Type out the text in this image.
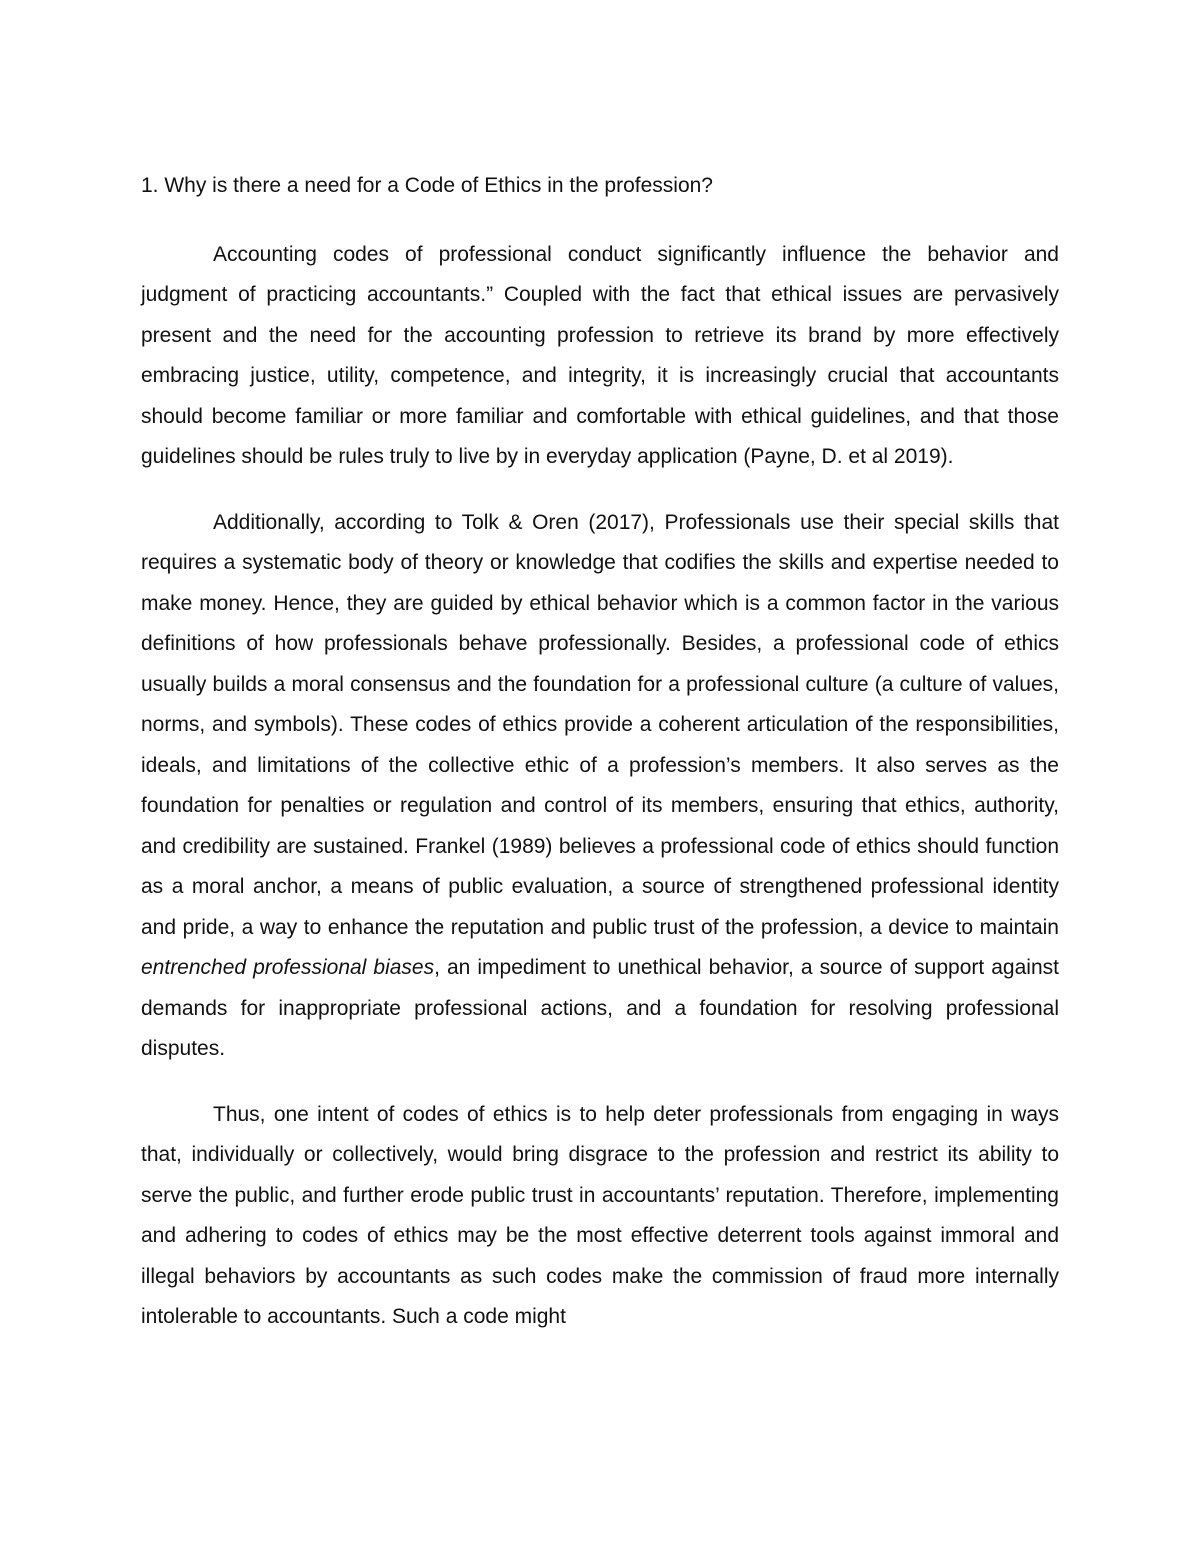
1. Why is there a need for a Code of Ethics in the profession?

Accounting codes of professional conduct significantly influence the behavior and judgment of practicing accountants.” Coupled with the fact that ethical issues are pervasively present and the need for the accounting profession to retrieve its brand by more effectively embracing justice, utility, competence, and integrity, it is increasingly crucial that accountants should become familiar or more familiar and comfortable with ethical guidelines, and that those guidelines should be rules truly to live by in everyday application (Payne, D. et al 2019).

Additionally, according to Tolk & Oren (2017), Professionals use their special skills that requires a systematic body of theory or knowledge that codifies the skills and expertise needed to make money. Hence, they are guided by ethical behavior which is a common factor in the various definitions of how professionals behave professionally. Besides, a professional code of ethics usually builds a moral consensus and the foundation for a professional culture (a culture of values, norms, and symbols). These codes of ethics provide a coherent articulation of the responsibilities, ideals, and limitations of the collective ethic of a profession’s members. It also serves as the foundation for penalties or regulation and control of its members, ensuring that ethics, authority, and credibility are sustained. Frankel (1989) believes a professional code of ethics should function as a moral anchor, a means of public evaluation, a source of strengthened professional identity and pride, a way to enhance the reputation and public trust of the profession, a device to maintain entrenched professional biases, an impediment to unethical behavior, a source of support against demands for inappropriate professional actions, and a foundation for resolving professional disputes.

Thus, one intent of codes of ethics is to help deter professionals from engaging in ways that, individually or collectively, would bring disgrace to the profession and restrict its ability to serve the public, and further erode public trust in accountants’ reputation. Therefore, implementing and adhering to codes of ethics may be the most effective deterrent tools against immoral and illegal behaviors by accountants as such codes make the commission of fraud more internally intolerable to accountants. Such a code might
